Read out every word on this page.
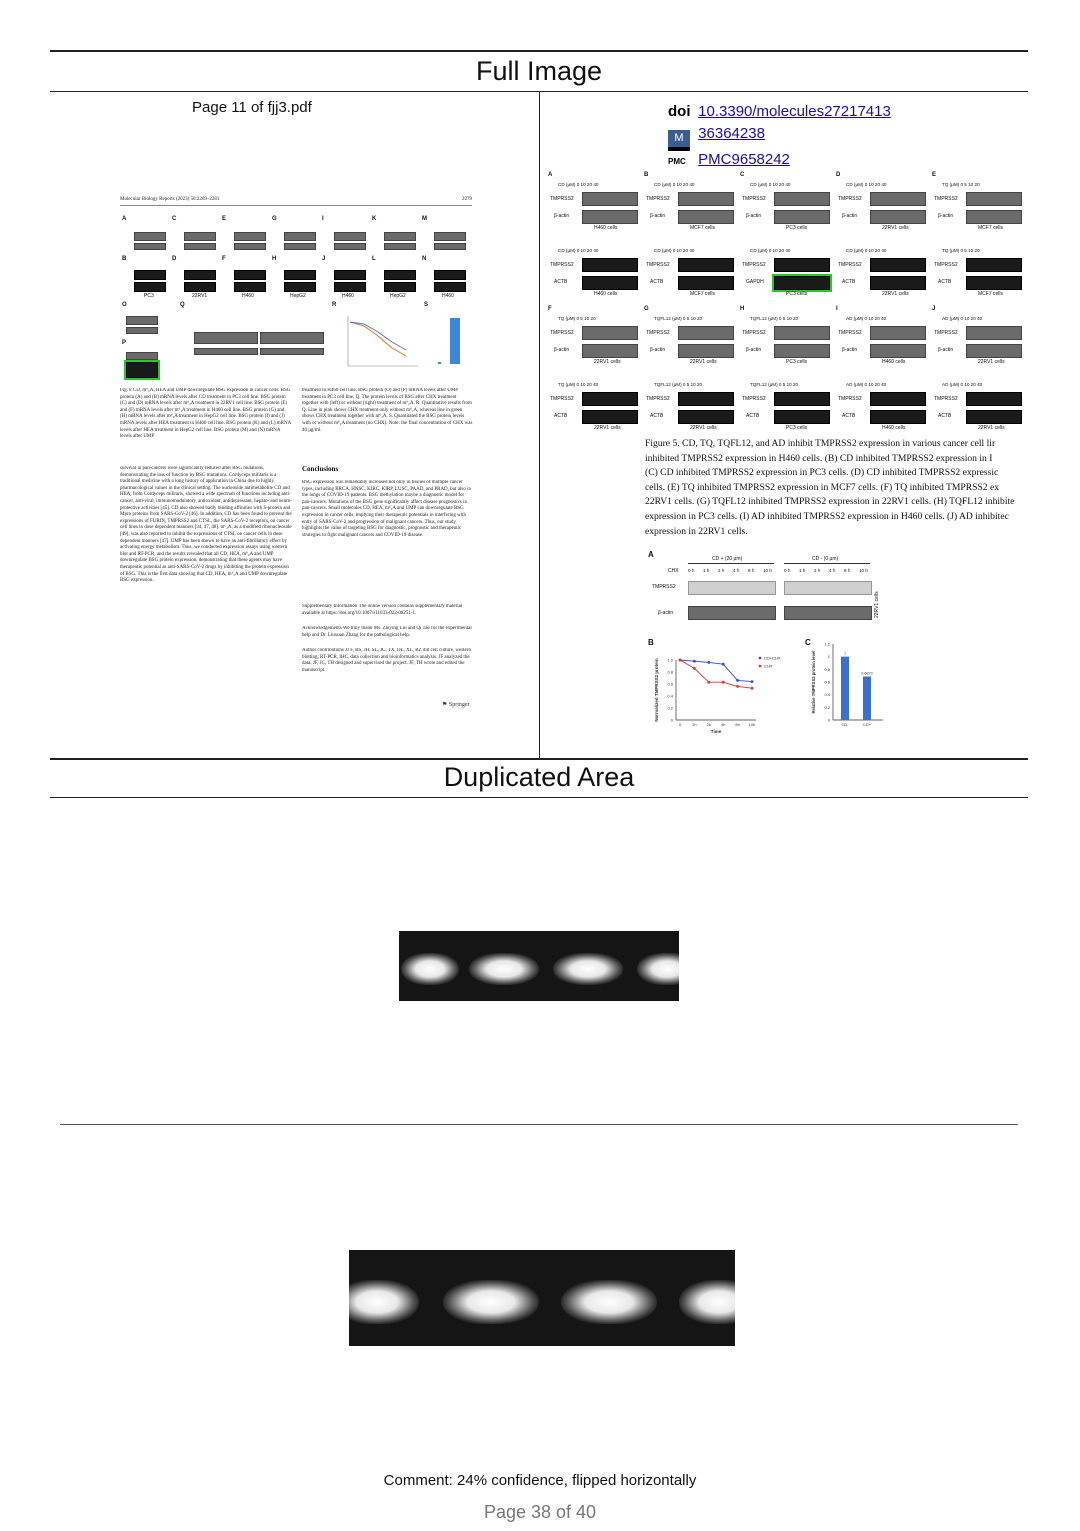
Full Image
Page 11 of fjj3.pdf
Molecular Biology Reports (2023) 50:2269–2281	2279
A	C	E	G	I	K	M
B
PC3
D
22RV1
F
H460
H
HepG2
J
H460
L
HepG2
N
H460
O	Q	R	S
P
Fig. 8 CD, m⁶₂A, HEA and UMP downregulate BSG expression in cancer cells. BSG protein (A) and (B) mRNA levels after CD treatment in PC3 cell line. BSG protein (C) and (D) mRNA levels after m⁶₂A treatment in 22RV1 cell line. BSG protein (E) and (F) mRNA levels after m⁶₂A treatment in H460 cell line. BSG protein (G) and (H) mRNA levels after m⁶₂A treatment in HepG2 cell line. BSG protein (I) and (J) mRNA levels after HEA treatment in H460 cell line. BSG protein (K) and (L) mRNA levels after HEA treatment in HepG2 cell line. BSG protein (M) and (N) mRNA levels after UMP
treatment in H460 cell line. BSG protein (O) and (P) mRNA levels after UMP treatment in PC3 cell line. Q. The protein levels of BSG after CHX treatment together with (left) or without (right) treatment of m⁶₂A. R. Quantitative results from Q. Line in pink shows CHX treatment only without m⁶₂A, whereas line in green shows CHX treatment together with m⁶₂A. S. Quantitated the BSG protein levels with or without m⁶₂A treatment (no CHX). Note: the final concentration of CHX was 40 μg/ml.
survival in pan-cancers were significantly reduced after BSG mutations, demonstrating the loss of function by BSG mutations. Cordyceps militaris is a traditional medicine with a long history of application in China due to highly pharmacological values in the clinical setting. The nucleoside antimetabolite CD and HEA, from Cordyceps militaris, showed a wide spectrum of functions including anti-cancer, anti-viral, immunomodulatory, antioxidant, antidepressant, hepato- and neuro-protective activities [45]. CD also showed badly binding affinities with S-protein and Mpro proteins from SARS-CoV-2 [46]. In addition, CD has been found to prevent the expressions of FURIN, TMPRSS2 and CTSL, the SARS-CoV-2 receptors, on cancer cell lines in dose dependent manners [34, 47, 48]. m⁶₂A, as a modified ribonucleoside [49], was also reported to inhibit the expressions of CTSL on cancer cells in dose dependent manners [47]. UMP has been shown to have an anti-fibrillatory effect by activating energy metabolism. Thus, we conducted expression assays using western blot and RT-PCR, and the results revealed that all CD, HEA, m⁶₂A and UMP downregulate BSG protein expression, demonstrating that these agents may have therapeutic potential as anti-SARS-CoV-2 drugs by inhibiting the protein expression of BSG. This is the first data showing that CD, HEA, m⁶₂A and UMP downregulate BSG expression.
Conclusions
BSG expression was remarkably increased not only in tissues of multiple cancer types, including BRCA, HNSC, KIRC, KIRP, LUSC, PAAD, and PRAD, but also in the lungs of COVID-19 patients. BSG methylation maybe a diagnostic model for pan-cancers. Mutations of the BSG gene significantly affect disease prognostics in pan-cancers. Small molecules CD, HEA, m⁶₂A and UMP can downregulate BSG expression in cancer cells, implying their therapeutic potentials in interfering with entry of SARS-CoV-2 and progression of malignant cancers. Thus, our study highlights the value of targeting BSG for diagnostic, prognostic and therapeutic strategies to fight malignant cancers and COVID-19 disease.
Supplementary Information The online version contains supplementary material available at https://doi.org/10.1007/s11033-022-08251-1.
Acknowledgements We truly thank Ms. Zhiying Lin and Qi Tao for the experimental help and Dr. Liuxuan Zhang for the pathological help.
Author contributions JJ F, BS, JH, SL, JC, TX, DL, XL, BZ did cell culture, western blotting, RT-PCR, IHC, data collection and bioinformatics analysis. JF analyzed the data. JF, JC, TH designed and supervised the project. JF, TH wrote and edited the manuscript.
⚑ Springer
doi 10.3390/molecules27217413
M 36364238
PMC PMC9658242
A
CD (μM) 0 10 20 40
TMPRSS2
β-actin
H460 cells
B
CD (μM) 0 10 20 40
TMPRSS2
β-actin
MCF7 cells
C
CD (μM) 0 10 20 40
TMPRSS2
β-actin
PC3 cells
D
CD (μM) 0 10 20 40
TMPRSS2
β-actin
22RV1 cells
E
TQ (μM) 0 5 10 20
TMPRSS2
β-actin
MCF7 cells
CD (μM) 0 10 20 40
TMPRSS2
ACTB
H460 cells
CD (μM) 0 10 20 40
TMPRSS2
ACTB
MCF7 cells
CD (μM) 0 10 20 40
TMPRSS2
GAPDH
PC3 cells
CD (μM) 0 10 20 40
TMPRSS2
ACTB
22RV1 cells
TQ (μM) 0 5 10 20
TMPRSS2
ACTB
MCF7 cells
F
TQ (μM) 0 5 10 20
TMPRSS2
β-actin
22RV1 cells
G
TQFL12 (μM) 0 5 10 20
TMPRSS2
β-actin
22RV1 cells
H
TQFL12 (μM) 0 5 10 20
TMPRSS2
β-actin
PC3 cells
I
AD (μM) 0 10 20 40
TMPRSS2
β-actin
H460 cells
J
AD (μM) 0 10 20 40
TMPRSS2
β-actin
22RV1 cells
TQ (μM) 0 10 20 40
TMPRSS2
ACTB
22RV1 cells
TQFL12 (μM) 0 5 10 20
TMPRSS2
ACTB
22RV1 cells
TQFL12 (μM) 0 5 10 20
TMPRSS2
ACTB
PC3 cells
AD (μM) 0 10 20 40
TMPRSS2
ACTB
H460 cells
AD (μM) 0 10 20 40
TMPRSS2
ACTB
22RV1 cells
Figure 5. CD, TQ, TQFL12, and AD inhibit TMPRSS2 expression in various cancer cell lir
inhibited TMPRSS2 expression in H460 cells. (B) CD inhibited TMPRSS2 expression in I
(C) CD inhibited TMPRSS2 expression in PC3 cells. (D) CD inhibited TMPRSS2 expressic
cells. (E) TQ inhibited TMPRSS2 expression in MCF7 cells. (F) TQ inhibited TMPRSS2 ex
22RV1 cells. (G) TQFL12 inhibited TMPRSS2 expression in 22RV1 cells. (H) TQFL12 inhibite
expression in PC3 cells. (I) AD inhibited TMPRSS2 expression in H460 cells. (J) AD inhibitec
expression in 22RV1 cells.
A	CD + (20 μm)	CD - (0 μm)
CHX 0 h 1 h 2 h 4 h 8 h 10 h	0 h 1 h 2 h 4 h 8 h 10 h
TMPRSS2
β-actin	22RV1 cells
B
0
0.2
0.4
0.6
0.8
1.0
0	1h 2h 4h 8h 10h
Time
Normalized TMPRSS2 protein
CD+CHX
CHX
C
0
0.2
0.4
0.6
0.8
1
1.2
Relative TMPRSS2 protein level	1
CD-
0.6872
CD+
Duplicated Area
Comment: 24% confidence, flipped horizontally
Page 38 of 40
